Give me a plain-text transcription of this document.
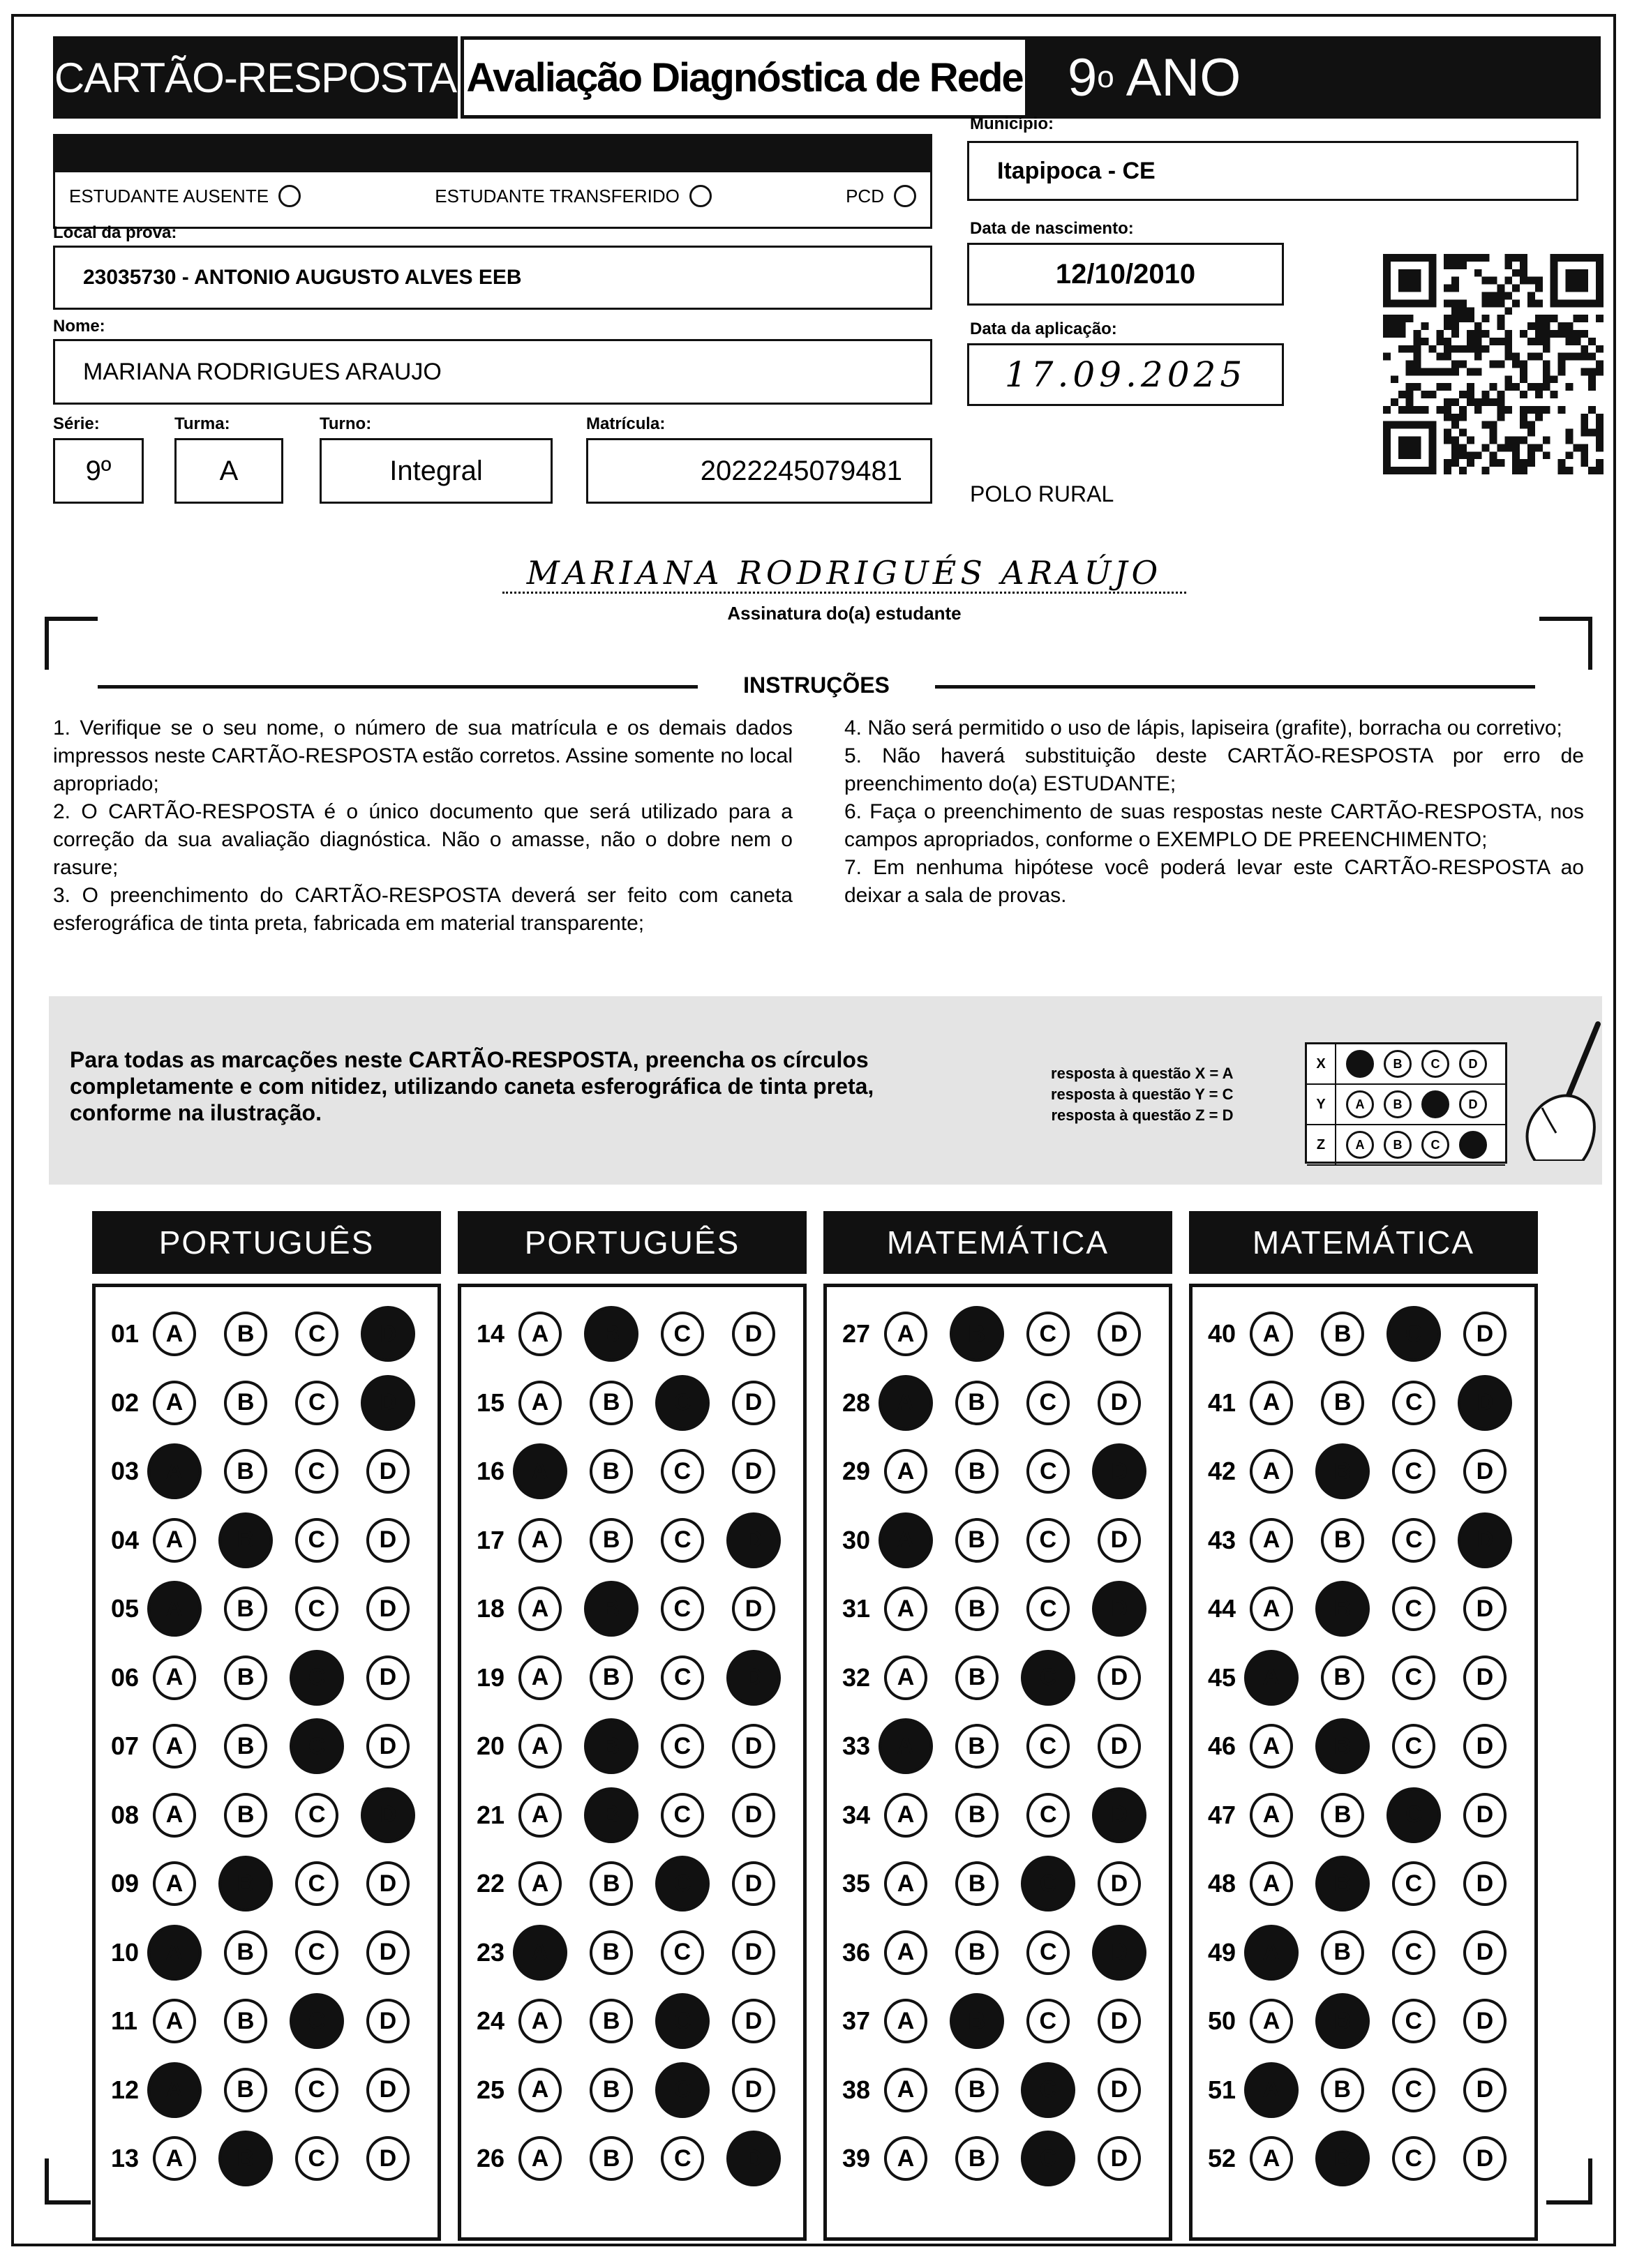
CARTÃO-RESPOSTA Avaliação Diagnóstica de Rede 9 o ANO
ESTUDANTE AUSENTE	ESTUDANTE TRANSFERIDO	PCD
Município:
Itapipoca - CE
Local da prova:
23035730 - ANTONIO AUGUSTO ALVES EEB
Data de nascimento:
12/10/2010
Data da aplicação:
17.09.2025
Nome:
MARIANA RODRIGUES ARAUJO
Série:
9º
Turma:
A
Turno:
Integral
Matrícula:
2022245079481
POLO RURAL
MARIANA RODRIGUÉS ARAÚJO
Assinatura do(a) estudante
INSTRUÇÕES

1. Verifique se o seu nome, o número de sua matrícula e os demais dados impressos neste CARTÃO-RESPOSTA estão corretos. Assine somente no local apropriado;

2. O CARTÃO-RESPOSTA é o único documento que será utilizado para a correção da sua avaliação diagnóstica. Não o amasse, não o dobre nem o rasure;

3. O preenchimento do CARTÃO-RESPOSTA deverá ser feito com caneta esferográfica de tinta preta, fabricada em material transparente;

4. Não será permitido o uso de lápis, lapiseira (grafite), borracha ou corretivo;

5. Não haverá substituição deste CARTÃO-RESPOSTA por erro de preenchimento do(a) ESTUDANTE;

6. Faça o preenchimento de suas respostas neste CARTÃO-RESPOSTA, nos campos apropriados, conforme o EXEMPLO DE PREENCHIMENTO;

7. Em nenhuma hipótese você poderá levar este CARTÃO-RESPOSTA ao deixar a sala de provas.

Para todas as marcações neste CARTÃO-RESPOSTA, preencha os círculos completamente e com nitidez, utilizando caneta esferográfica de tinta preta, conforme na ilustração.
resposta à questão X = A
resposta à questão Y = C
resposta à questão Z = D
X	B	C	D
Y	A	B	D
Z	A	B	C
PORTUGUÊS
01	A	B	C	D
02	A	B	C	D
03	A	B	C	D
04	A	B	C	D
05	A	B	C	D
06	A	B	C	D
07	A	B	C	D
08	A	B	C	D
09	A	B	C	D
10	A	B	C	D
11	A	B	C	D
12	A	B	C	D
13	A	B	C	D
PORTUGUÊS
14	A	B	C	D
15	A	B	C	D
16	A	B	C	D
17	A	B	C	D
18	A	B	C	D
19	A	B	C	D
20	A	B	C	D
21	A	B	C	D
22	A	B	C	D
23	A	B	C	D
24	A	B	C	D
25	A	B	C	D
26	A	B	C	D
MATEMÁTICA
27	A	B	C	D
28	A	B	C	D
29	A	B	C	D
30	A	B	C	D
31	A	B	C	D
32	A	B	C	D
33	A	B	C	D
34	A	B	C	D
35	A	B	C	D
36	A	B	C	D
37	A	B	C	D
38	A	B	C	D
39	A	B	C	D
MATEMÁTICA
40	A	B	C	D
41	A	B	C	D
42	A	B	C	D
43	A	B	C	D
44	A	B	C	D
45	A	B	C	D
46	A	B	C	D
47	A	B	C	D
48	A	B	C	D
49	A	B	C	D
50	A	B	C	D
51	A	B	C	D
52	A	B	C	D
